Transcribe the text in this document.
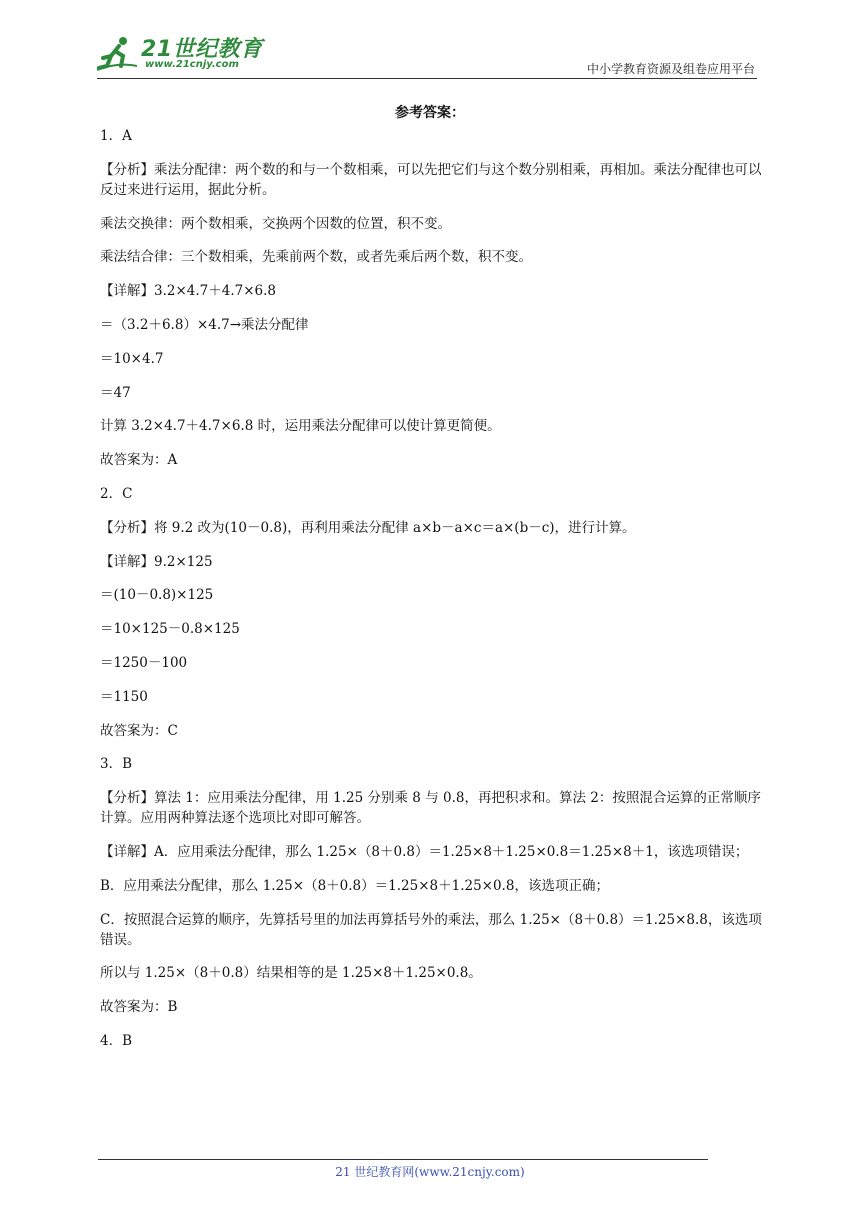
21世纪教育
www.21cnjy.com	中小学教育资源及组卷应用平台
参考答案：
1．A
【分析】乘法分配律：两个数的和与一个数相乘，可以先把它们与这个数分别相乘，再相加。乘法分配律也可以反过来进行运用，据此分析。
乘法交换律：两个数相乘，交换两个因数的位置，积不变。
乘法结合律：三个数相乘，先乘前两个数，或者先乘后两个数，积不变。
【详解】3.2×4.7＋4.7×6.8
＝（3.2＋6.8）×4.7→乘法分配律
＝10×4.7
＝47
计算 3.2×4.7＋4.7×6.8 时，运用乘法分配律可以使计算更简便。
故答案为：A
2．C
【分析】将 9.2 改为(10－0.8)，再利用乘法分配律 a×b－a×c＝a×(b－c)，进行计算。
【详解】9.2×125
＝(10－0.8)×125
＝10×125－0.8×125
＝1250－100
＝1150
故答案为：C
3．B
【分析】算法 1：应用乘法分配律，用 1.25 分别乘 8 与 0.8，再把积求和。算法 2：按照混合运算的正常顺序计算。应用两种算法逐个选项比对即可解答。
【详解】A．应用乘法分配律，那么 1.25×（8＋0.8）＝1.25×8＋1.25×0.8＝1.25×8＋1，该选项错误；
B．应用乘法分配律，那么 1.25×（8＋0.8）＝1.25×8＋1.25×0.8，该选项正确；
C．按照混合运算的顺序，先算括号里的加法再算括号外的乘法，那么 1.25×（8＋0.8）＝1.25×8.8，该选项错误。
所以与 1.25×（8＋0.8）结果相等的是 1.25×8＋1.25×0.8。
故答案为：B
4．B
21 世纪教育网(www.21cnjy.com)
